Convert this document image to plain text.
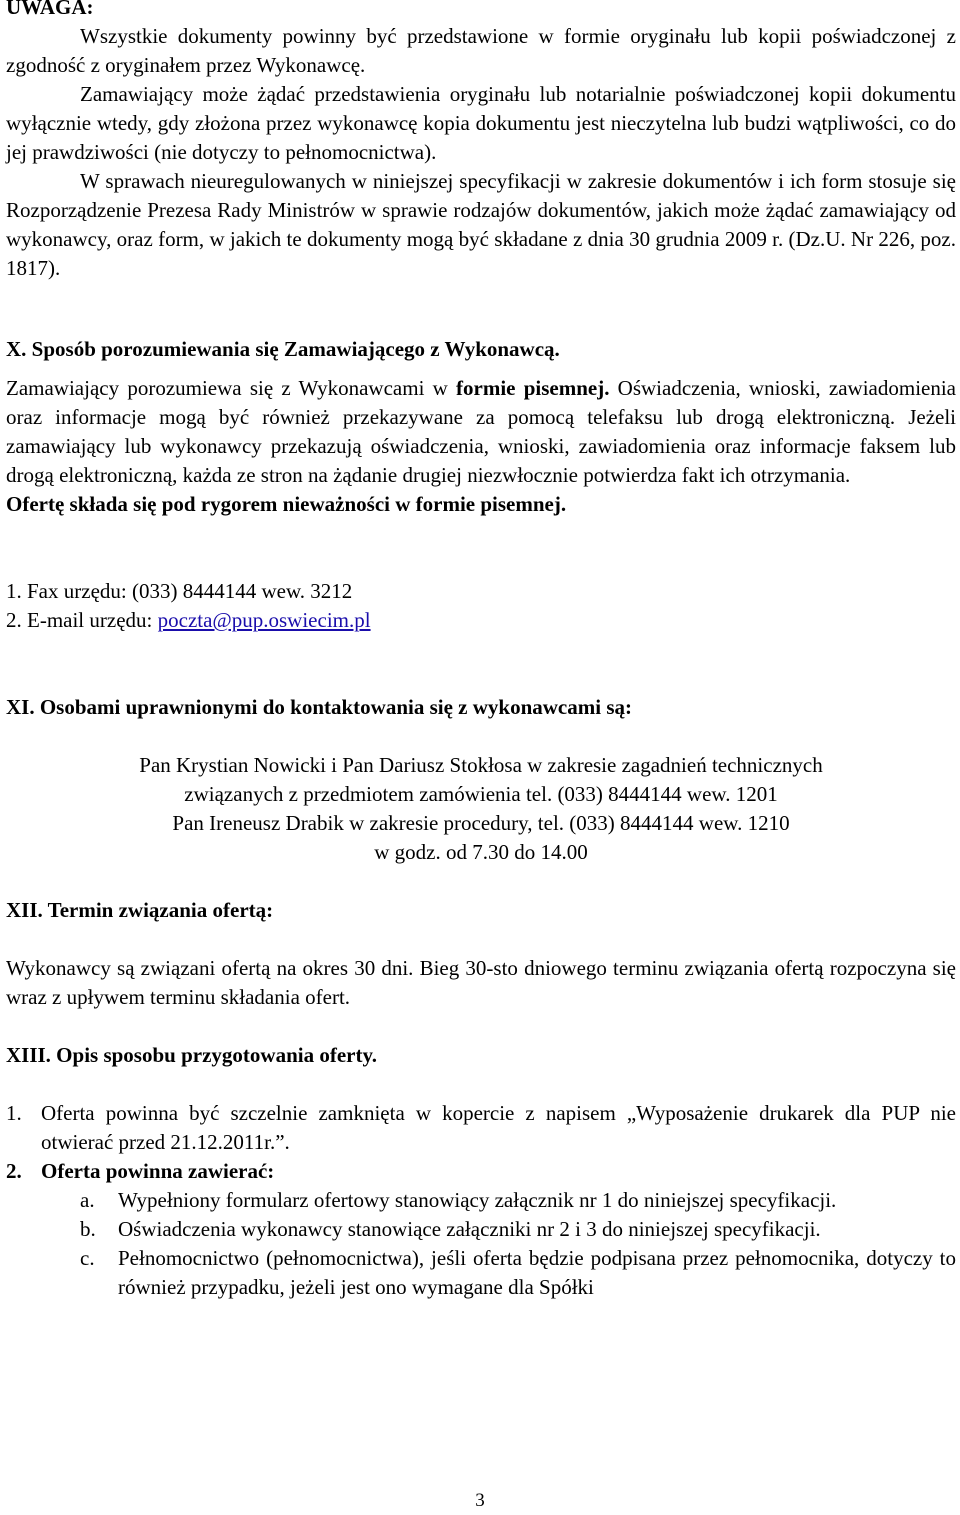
UWAGA:

Wszystkie dokumenty powinny być przedstawione w formie oryginału lub kopii poświadczonej z zgodność z oryginałem przez Wykonawcę.

Zamawiający może żądać przedstawienia oryginału lub notarialnie poświadczonej kopii dokumentu wyłącznie wtedy, gdy złożona przez wykonawcę kopia dokumentu jest nieczytelna lub budzi wątpliwości, co do jej prawdziwości (nie dotyczy to pełnomocnictwa).

W sprawach nieuregulowanych w niniejszej specyfikacji w zakresie dokumentów i ich form stosuje się Rozporządzenie Prezesa Rady Ministrów w sprawie rodzajów dokumentów, jakich może żądać zamawiający od wykonawcy, oraz form, w jakich te dokumenty mogą być składane z dnia 30 grudnia 2009 r. (Dz.U. Nr 226, poz. 1817).

X. Sposób porozumiewania się Zamawiającego z Wykonawcą.

Zamawiający porozumiewa się z Wykonawcami w formie pisemnej. Oświadczenia, wnioski, zawiadomienia oraz informacje mogą być również przekazywane za pomocą telefaksu lub drogą elektroniczną. Jeżeli zamawiający lub wykonawcy przekazują oświadczenia, wnioski, zawiadomienia oraz informacje faksem lub drogą elektroniczną, każda ze stron na żądanie drugiej niezwłocznie potwierdza fakt ich otrzymania.

Ofertę składa się pod rygorem nieważności w formie pisemnej.

1. Fax urzędu: (033) 8444144 wew. 3212

2. E-mail urzędu: poczta@pup.oswiecim.pl

XI. Osobami uprawnionymi do kontaktowania się z wykonawcami są:

Pan Krystian Nowicki i Pan Dariusz Stokłosa w zakresie zagadnień technicznych

związanych z przedmiotem zamówienia tel. (033) 8444144 wew. 1201

Pan Ireneusz Drabik w zakresie procedury, tel. (033) 8444144 wew. 1210

w godz. od 7.30 do 14.00

XII. Termin związania ofertą:

Wykonawcy są związani ofertą na okres 30 dni. Bieg 30-sto dniowego terminu związania ofertą rozpoczyna się wraz z upływem terminu składania ofert.

XIII. Opis sposobu przygotowania oferty.

1. Oferta powinna być szczelnie zamknięta w kopercie z napisem „Wyposażenie drukarek dla PUP nie otwierać przed 21.12.2011r.”.
2. Oferta powinna zawierać:
a.	Wypełniony formularz ofertowy stanowiący załącznik nr 1 do niniejszej specyfikacji.
b.	Oświadczenia wykonawcy stanowiące załączniki nr 2 i 3 do niniejszej specyfikacji.
c.	Pełnomocnictwo (pełnomocnictwa), jeśli oferta będzie podpisana przez pełnomocnika, dotyczy to również przypadku, jeżeli jest ono wymagane dla Spółki
3
